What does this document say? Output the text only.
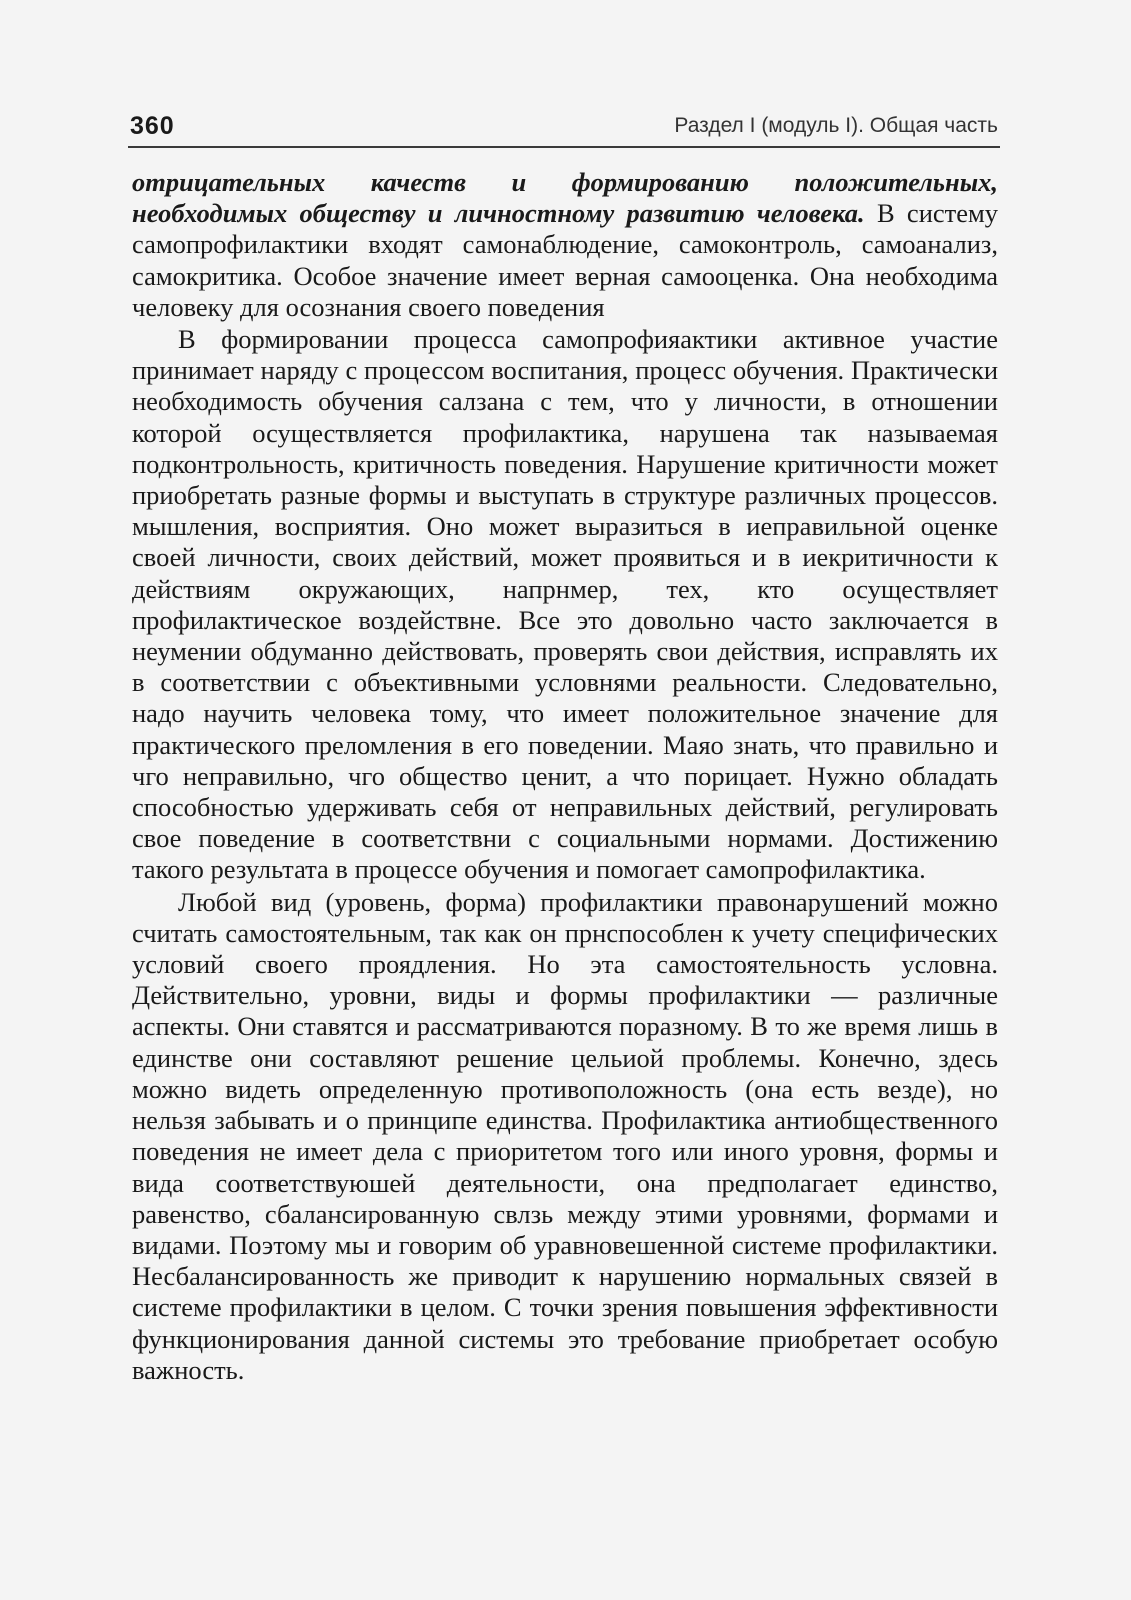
360	Раздел I (модуль I). Общая часть

отрицательных качеств и формированию положительных, необходимых обществу и личностному развитию человека. В систему самопрофилактики входят самонаблюдение, самоконтроль, самоанализ, самокритика. Особое значение имеет верная самооценка. Она необходима человеку для осознания своего поведения

В формировании процесса самопрофияактики активное участие принимает наряду с процессом воспитания, процесс обучения. Практически необходимость обучения салзана с тем, что у личности, в отношении которой осуществляется профилактика, нарушена так называемая подконтрольность, критичность поведения. Нарушение критичности может приобретать разные формы и выступать в структуре различных процессов. мышления, восприятия. Оно может выразиться в иеправильной оценке своей личности, своих действий, может проявиться и в иекритичности к действиям окружающих, напрнмер, тех, кто осуществляет профилактическое воздействне. Все это довольно часто заключается в неумении обдуманно действовать, проверять свои действия, исправлять их в соответствии с объективными условнями реальности. Следовательно, надо научить человека тому, что имеет положительное значение для практического преломления в его поведении. Маяо знать, что правильно и чго неправильно, чго общество ценит, а что порицает. Нужно обладать способностью удерживать себя от неправильных действий, регулировать свое поведение в соответствни с социальными нормами. Достижению такого результата в процессе обучения и помогает самопрофилактика.

Любой вид (уровень, форма) профилактики правонарушений можно считать самостоятельным, так как он прнспособлен к учету специфических условий своего проядления. Но эта самостоятельность условна. Действительно, уровни, виды и формы профилактики — различные аспекты. Они ставятся и рассматриваются поразному. В то же время лишь в единстве они составляют решение цельиой проблемы. Конечно, здесь можно видеть определенную противоположность (она есть везде), но нельзя забывать и о принципе единства. Профилактика антиобщественного поведения не имеет дела с приоритетом того или иного уровня, формы и вида соответствуюшей деятельности, она предполагает единство, равенство, сбалансированную свлзь между этими уровнями, формами и видами. Поэтому мы и говорим об уравновешенной системе профилактики. Несбалансированность же приводит к нарушению нормальных связей в системе профилактики в целом. С точки зрения повышения эффективности функционирования данной системы это требование приобретает особую важность.
